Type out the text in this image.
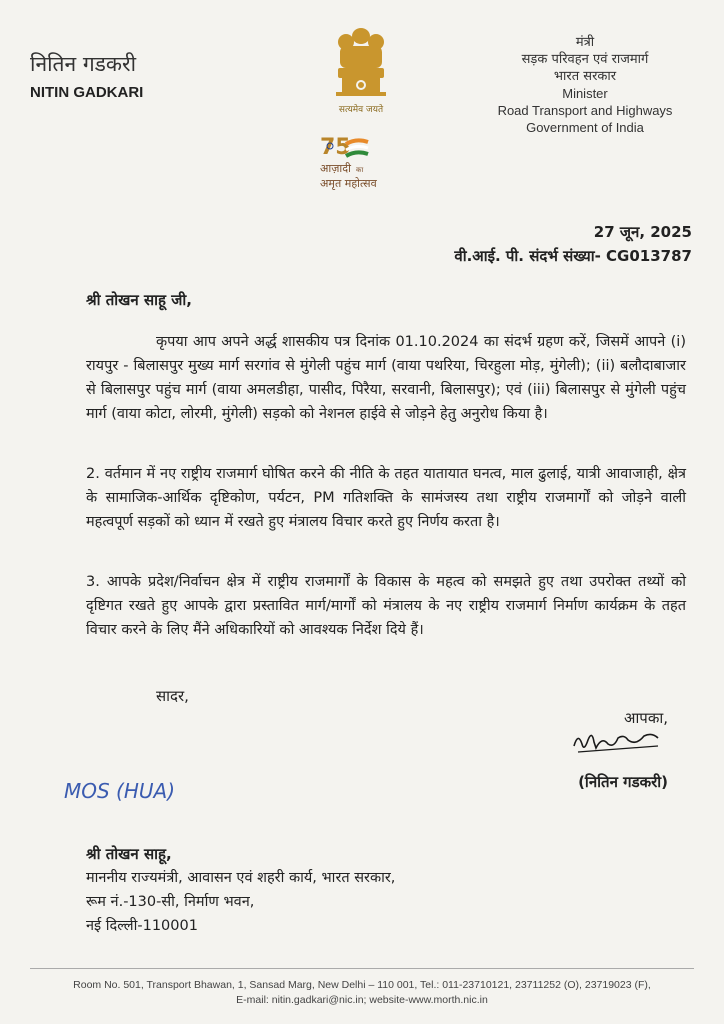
नितिन गडकरी
NITIN GADKARI
सत्यमेव जयते
75
आज़ादी का
अमृत महोत्सव
मंत्री
सड़क परिवहन एवं राजमार्ग
भारत सरकार
Minister
Road Transport and Highways
Government of India
27 जून, 2025
वी.आई. पी. संदर्भ संख्या- CG013787
श्री तोखन साहू जी,
कृपया आप अपने अर्द्ध शासकीय पत्र दिनांक 01.10.2024 का संदर्भ ग्रहण करें, जिसमें आपने (i) रायपुर - बिलासपुर मुख्य मार्ग सरगांव से मुंगेली पहुंच मार्ग (वाया पथरिया, चिरहुला मोड़, मुंगेली); (ii) बलौदाबाजार से बिलासपुर पहुंच मार्ग (वाया अमलडीहा, पासीद, पिरैया, सरवानी, बिलासपुर); एवं (iii) बिलासपुर से मुंगेली पहुंच मार्ग (वाया कोटा, लोरमी, मुंगेली) सड़को को नेशनल हाईवे से जोड़ने हेतु अनुरोध किया है।
2. वर्तमान में नए राष्ट्रीय राजमार्ग घोषित करने की नीति के तहत यातायात घनत्व, माल ढुलाई, यात्री आवाजाही, क्षेत्र के सामाजिक-आर्थिक दृष्टिकोण, पर्यटन, PM गतिशक्ति के सामंजस्य तथा राष्ट्रीय राजमार्गों को जोड़ने वाली महत्वपूर्ण सड़कों को ध्यान में रखते हुए मंत्रालय विचार करते हुए निर्णय करता है।
3. आपके प्रदेश/निर्वाचन क्षेत्र में राष्ट्रीय राजमार्गों के विकास के महत्व को समझते हुए तथा उपरोक्त तथ्यों को दृष्टिगत रखते हुए आपके द्वारा प्रस्तावित मार्ग/मार्गों को मंत्रालय के नए राष्ट्रीय राजमार्ग निर्माण कार्यक्रम के तहत विचार करने के लिए मैंने अधिकारियों को आवश्यक निर्देश दिये हैं।
सादर,
आपका,
(नितिन गडकरी)
MOS (HUA)
श्री तोखन साहू,
माननीय राज्यमंत्री, आवासन एवं शहरी कार्य, भारत सरकार,
रूम नं.-130-सी, निर्माण भवन,
नई दिल्ली-110001
Room No. 501, Transport Bhawan, 1, Sansad Marg, New Delhi – 110 001, Tel.: 011-23710121, 23711252 (O), 23719023 (F),
E-mail: nitin.gadkari@nic.in; website-www.morth.nic.in
